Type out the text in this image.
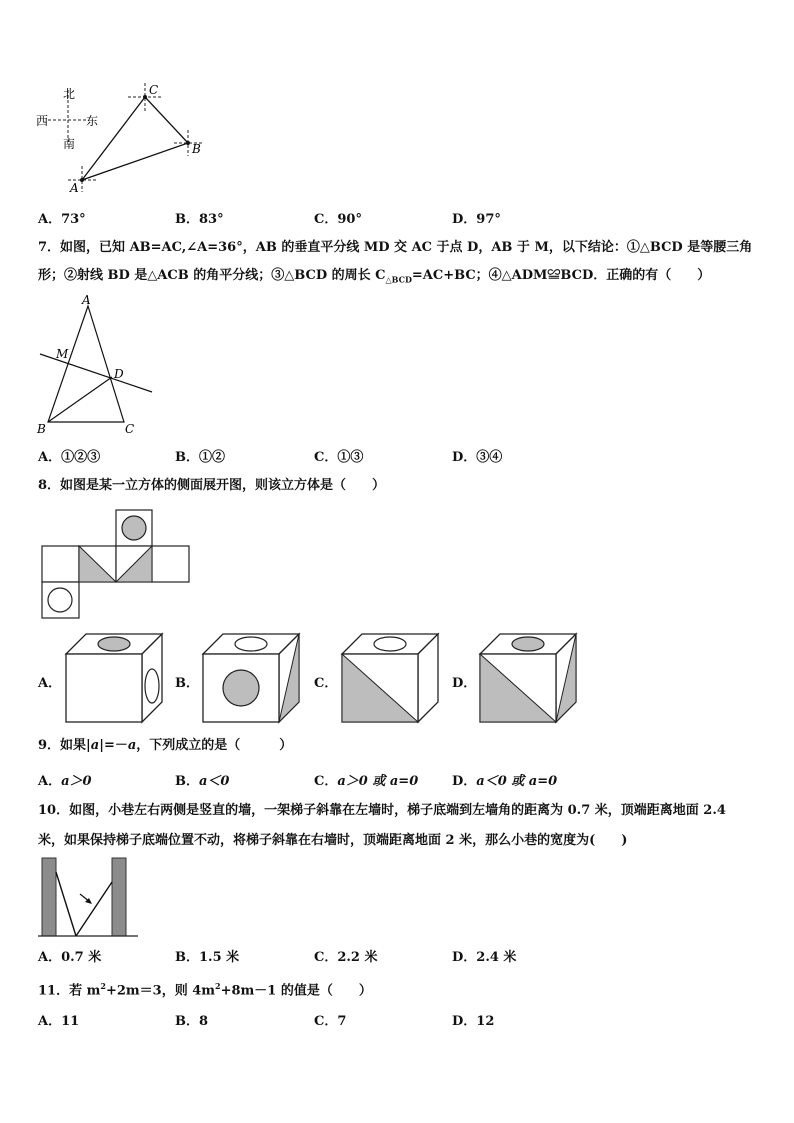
北
南
西	东
C
B
A
A．73°	B．83°	C．90°	D．97°
7．如图，已知 AB=AC,∠A=36°，AB 的垂直平分线 MD 交 AC 于点 D，AB 于 M，以下结论：①△BCD 是等腰三角
形；②射线 BD 是△ACB 的角平分线；③△BCD 的周长 $C_{\triangle BCD}=AC+BC$；④△ADM≌BCD．正确的有（　　）
A
M
D
B	C
A．①②③	B．①②	C．①③	D．③④
8．如图是某一立方体的侧面展开图，则该立方体是（　　）
A．	B．	C．	D．
9．如果|a|=－a，下列成立的是（　　　）
A．a＞0	B．a＜0	C．a＞0 或 a=0	D．a＜0 或 a=0
10．如图，小巷左右两侧是竖直的墙，一架梯子斜靠在左墙时，梯子底端到左墙角的距离为 0.7 米，顶端距离地面 2.4
米，如果保持梯子底端位置不动，将梯子斜靠在右墙时，顶端距离地面 2 米，那么小巷的宽度为(　　)
A．0.7 米	B．1.5 米	C．2.2 米	D．2.4 米
11．若 $m^2+2m=3$，则 $4m^2+8m-1$ 的值是（　　）
A．11	B．8	C．7	D．12
